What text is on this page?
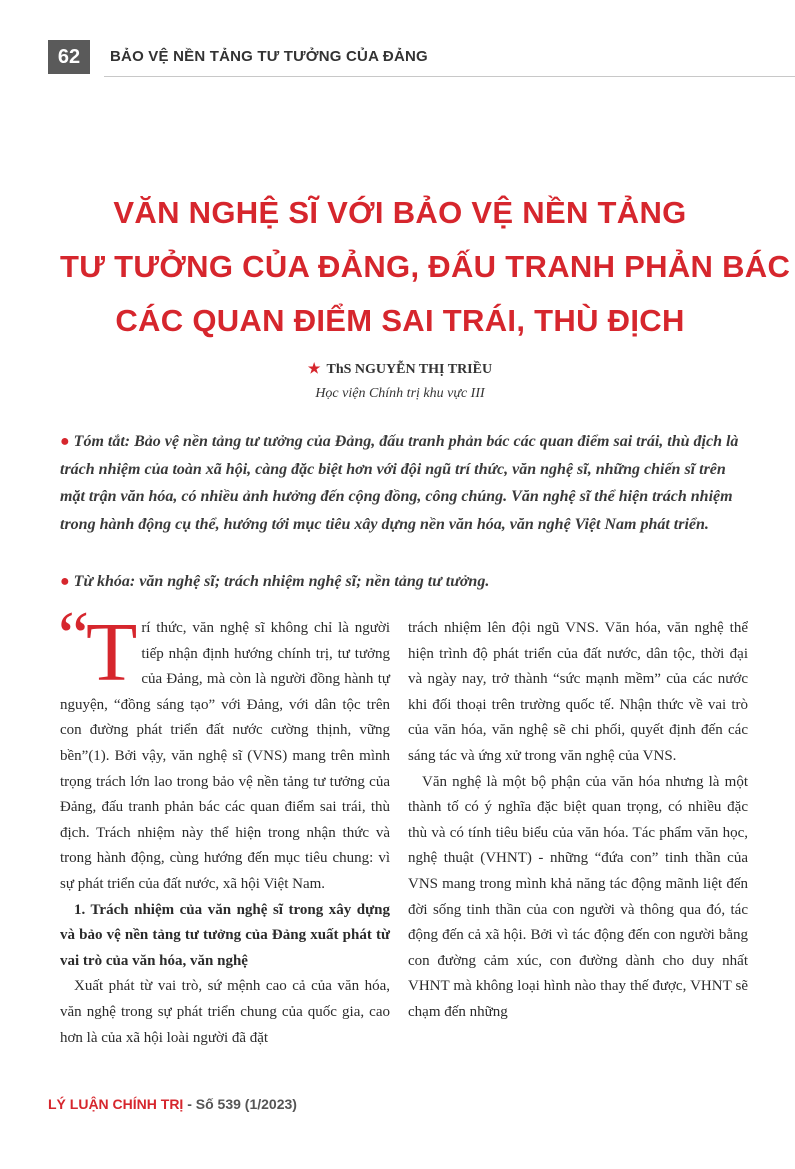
62	BẢO VỆ NỀN TẢNG TƯ TƯỞNG CỦA ĐẢNG
VĂN NGHỆ SĨ VỚI BẢO VỆ NỀN TẢNG
TƯ TƯỞNG CỦA ĐẢNG, ĐẤU TRANH PHẢN BÁC
CÁC QUAN ĐIỂM SAI TRÁI, THÙ ĐỊCH
★ ThS NGUYỄN THỊ TRIỀU
Học viện Chính trị khu vực III

● Tóm tắt: Bảo vệ nền tảng tư tưởng của Đảng, đấu tranh phản bác các quan điểm sai trái, thù địch là trách nhiệm của toàn xã hội, càng đặc biệt hơn với đội ngũ trí thức, văn nghệ sĩ, những chiến sĩ trên mặt trận văn hóa, có nhiều ảnh hưởng đến cộng đồng, công chúng. Văn nghệ sĩ thể hiện trách nhiệm trong hành động cụ thể, hướng tới mục tiêu xây dựng nền văn hóa, văn nghệ Việt Nam phát triển.

● Từ khóa: văn nghệ sĩ; trách nhiệm nghệ sĩ; nền tảng tư tưởng.
“

Trí thức, văn nghệ sĩ không chỉ là người tiếp nhận định hướng chính trị, tư tưởng của Đảng, mà còn là người đồng hành tự nguyện, “đồng sáng tạo” với Đảng, với dân tộc trên con đường phát triển đất nước cường thịnh, vững bền”(1). Bởi vậy, văn nghệ sĩ (VNS) mang trên mình trọng trách lớn lao trong bảo vệ nền tảng tư tưởng của Đảng, đấu tranh phản bác các quan điểm sai trái, thù địch. Trách nhiệm này thể hiện trong nhận thức và trong hành động, cùng hướng đến mục tiêu chung: vì sự phát triển của đất nước, xã hội Việt Nam.

1. Trách nhiệm của văn nghệ sĩ trong xây dựng và bảo vệ nền tảng tư tưởng của Đảng xuất phát từ vai trò của văn hóa, văn nghệ

Xuất phát từ vai trò, sứ mệnh cao cả của văn hóa, văn nghệ trong sự phát triển chung của quốc gia, cao hơn là của xã hội loài người đã đặt

trách nhiệm lên đội ngũ VNS. Văn hóa, văn nghệ thể hiện trình độ phát triển của đất nước, dân tộc, thời đại và ngày nay, trở thành “sức mạnh mềm” của các nước khi đối thoại trên trường quốc tế. Nhận thức về vai trò của văn hóa, văn nghệ sẽ chi phối, quyết định đến các sáng tác và ứng xử trong văn nghệ của VNS.

Văn nghệ là một bộ phận của văn hóa nhưng là một thành tố có ý nghĩa đặc biệt quan trọng, có nhiều đặc thù và có tính tiêu biểu của văn hóa. Tác phẩm văn học, nghệ thuật (VHNT) - những “đứa con” tinh thần của VNS mang trong mình khả năng tác động mãnh liệt đến đời sống tinh thần của con người và thông qua đó, tác động đến cả xã hội. Bởi vì tác động đến con người bằng con đường cảm xúc, con đường dành cho duy nhất VHNT mà không loại hình nào thay thế được, VHNT sẽ chạm đến những

LÝ LUẬN CHÍNH TRỊ - Số 539 (1/2023)
